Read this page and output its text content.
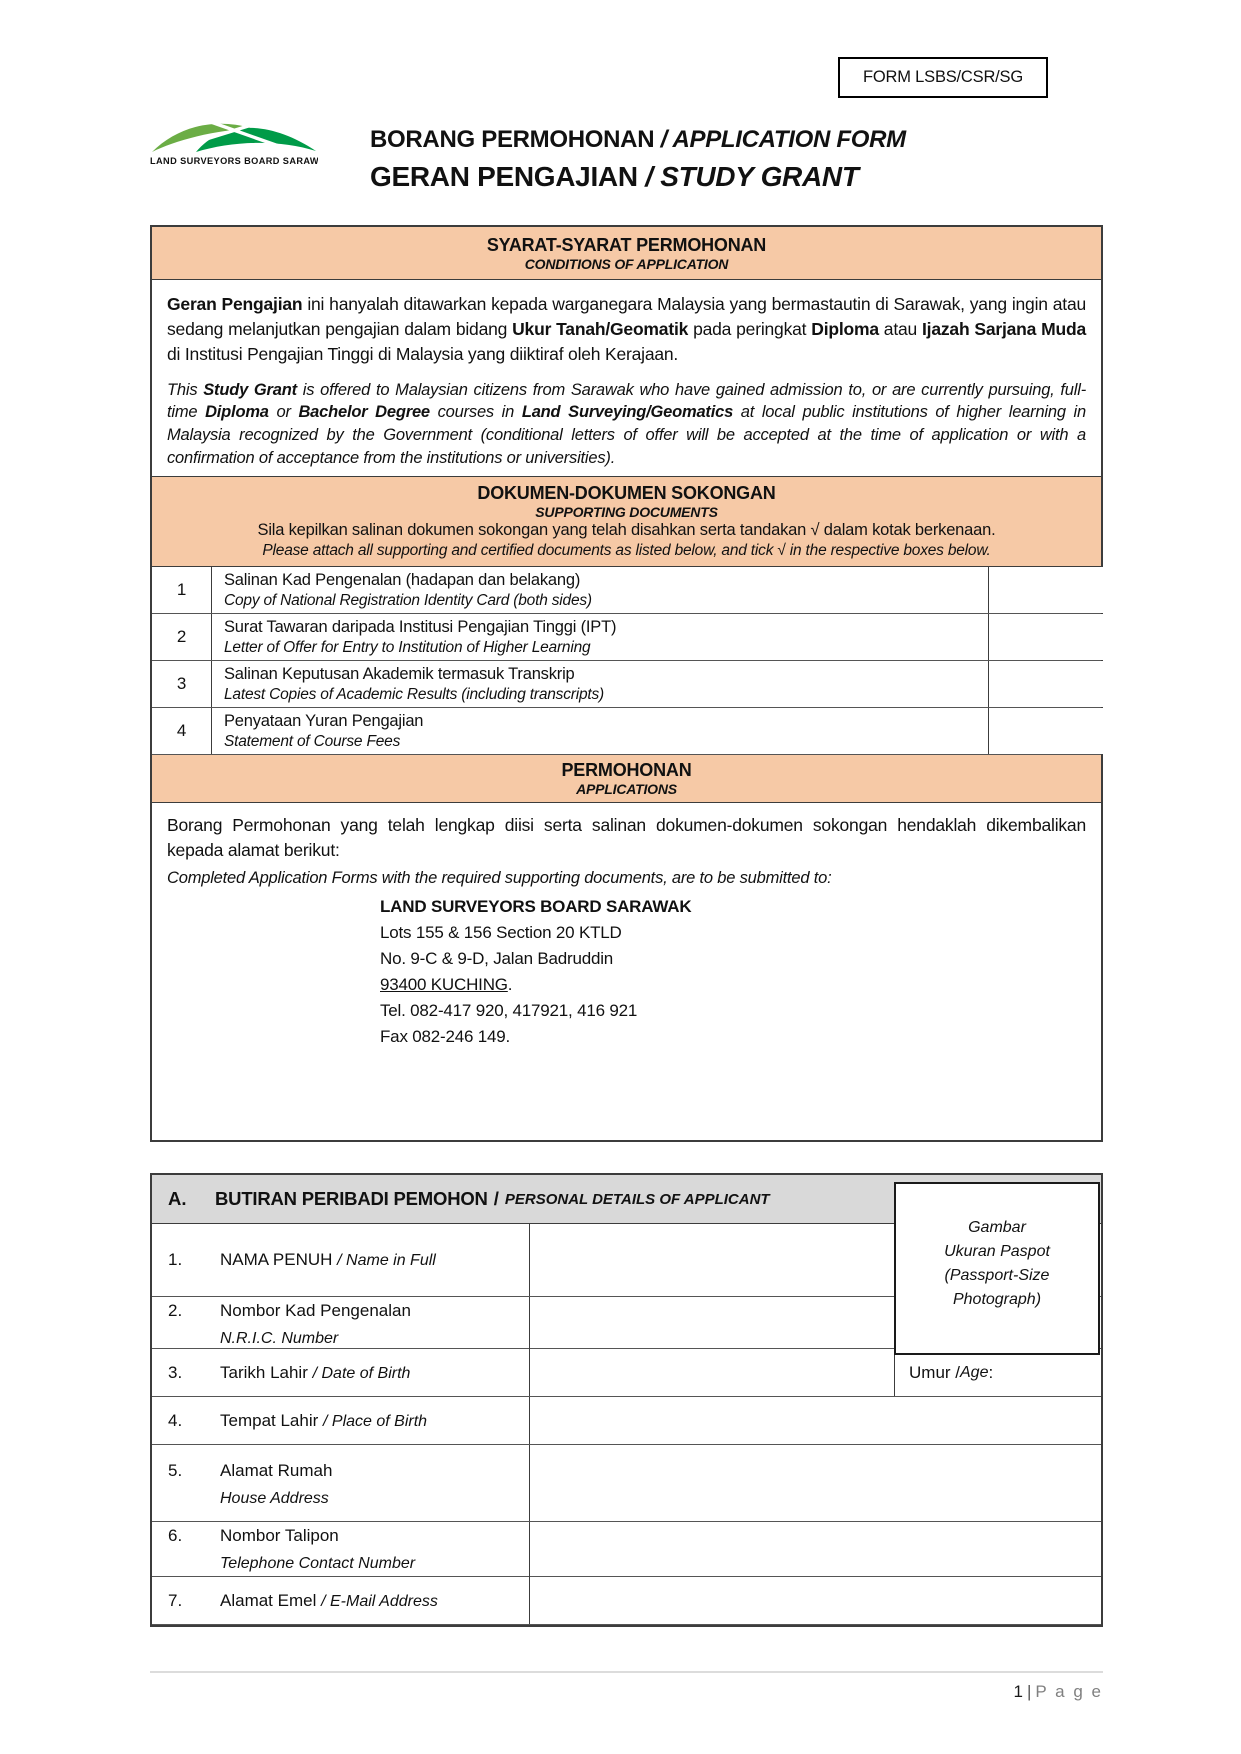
FORM LSBS/CSR/SG
LAND SURVEYORS BOARD SARAWAK
BORANG PERMOHONAN / APPLICATION FORM
GERAN PENGAJIAN / STUDY GRANT
SYARAT-SYARAT PERMOHONAN
CONDITIONS OF APPLICATION
Geran Pengajian ini hanyalah ditawarkan kepada warganegara Malaysia yang bermastautin di Sarawak, yang ingin atau sedang melanjutkan pengajian dalam bidang Ukur Tanah/Geomatik pada peringkat Diploma atau Ijazah Sarjana Muda di Institusi Pengajian Tinggi di Malaysia yang diiktiraf oleh Kerajaan.
This Study Grant is offered to Malaysian citizens from Sarawak who have gained admission to, or are currently pursuing, full-time Diploma or Bachelor Degree courses in Land Surveying/Geomatics at local public institutions of higher learning in Malaysia recognized by the Government (conditional letters of offer will be accepted at the time of application or with a confirmation of acceptance from the institutions or universities).
DOKUMEN-DOKUMEN SOKONGAN
SUPPORTING DOCUMENTS
Sila kepilkan salinan dokumen sokongan yang telah disahkan serta tandakan √ dalam kotak berkenaan.
Please attach all supporting and certified documents as listed below, and tick √ in the respective boxes below.
1	Salinan Kad Pengenalan (hadapan dan belakang)
Copy of National Registration Identity Card (both sides)
2	Surat Tawaran daripada Institusi Pengajian Tinggi (IPT)
Letter of Offer for Entry to Institution of Higher Learning
3	Salinan Keputusan Akademik termasuk Transkrip
Latest Copies of Academic Results (including transcripts)
4	Penyataan Yuran Pengajian
Statement of Course Fees
PERMOHONAN
APPLICATIONS
Borang Permohonan yang telah lengkap diisi serta salinan dokumen-dokumen sokongan hendaklah dikembalikan kepada alamat berikut:
Completed Application Forms with the required supporting documents, are to be submitted to:
LAND SURVEYORS BOARD SARAWAK
Lots 155 & 156 Section 20 KTLD
No. 9-C & 9-D, Jalan Badruddin
93400 KUCHING.
Tel. 082-417 920, 417921, 416 921
Fax 082-246 149.
A.	BUTIRAN PERIBADI PEMOHON / PERSONAL DETAILS OF APPLICANT
1.	NAMA PENUH / Name in Full
2.	Nombor Kad Pengenalan
N.R.I.C. Number
3.	Tarikh Lahir / Date of Birth	Umur / Age :
4.	Tempat Lahir / Place of Birth
5.	Alamat Rumah
House Address
6.	Nombor Talipon
Telephone Contact Number
7.	Alamat Emel / E-Mail Address
Gambar
Ukuran Paspot
(Passport-Size
Photograph)
1 | P a g e
